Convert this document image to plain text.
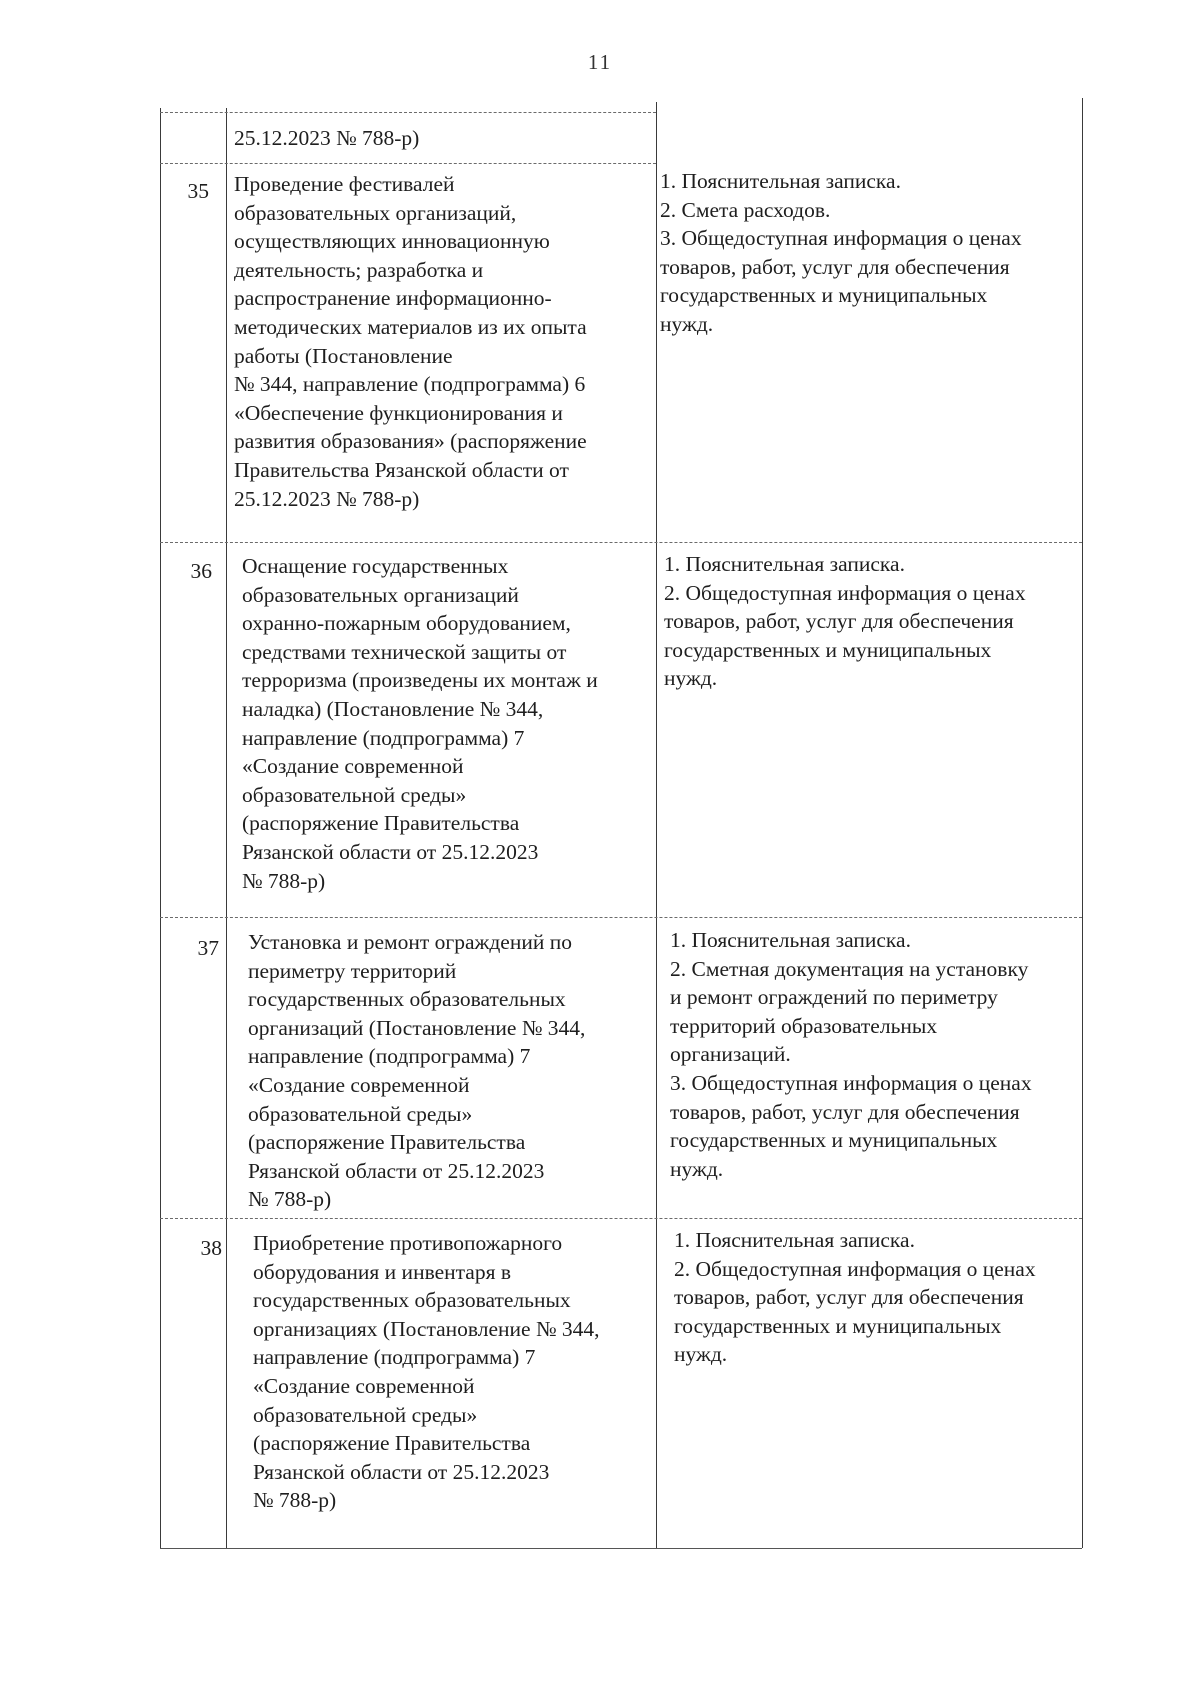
11
25.12.2023 № 788-р)
35 Проведение фестивалей
образовательных организаций,
осуществляющих инновационную
деятельность; разработка и
распространение информационно-
методических материалов из их опыта
работы (Постановление
№ 344, направление (подпрограмма) 6
«Обеспечение функционирования и
развития образования» (распоряжение
Правительства Рязанской области от
25.12.2023 № 788-р)
1. Пояснительная записка.
2. Смета расходов.
3. Общедоступная информация о ценах
товаров, работ, услуг для обеспечения
государственных и муниципальных
нужд.
36 Оснащение государственных
образовательных организаций
охранно-пожарным оборудованием,
средствами технической защиты от
терроризма (произведены их монтаж и
наладка) (Постановление № 344,
направление (подпрограмма) 7
«Создание современной
образовательной среды»
(распоряжение Правительства
Рязанской области от 25.12.2023
№ 788-р)
1. Пояснительная записка.
2. Общедоступная информация о ценах
товаров, работ, услуг для обеспечения
государственных и муниципальных
нужд.
37 Установка и ремонт ограждений по
периметру территорий
государственных образовательных
организаций (Постановление № 344,
направление (подпрограмма) 7
«Создание современной
образовательной среды»
(распоряжение Правительства
Рязанской области от 25.12.2023
№ 788-р)
1. Пояснительная записка.
2. Сметная документация на установку
и ремонт ограждений по периметру
территорий образовательных
организаций.
3. Общедоступная информация о ценах
товаров, работ, услуг для обеспечения
государственных и муниципальных
нужд.
38 Приобретение противопожарного
оборудования и инвентаря в
государственных образовательных
организациях (Постановление № 344,
направление (подпрограмма) 7
«Создание современной
образовательной среды»
(распоряжение Правительства
Рязанской области от 25.12.2023
№ 788-р)
1. Пояснительная записка.
2. Общедоступная информация о ценах
товаров, работ, услуг для обеспечения
государственных и муниципальных
нужд.
